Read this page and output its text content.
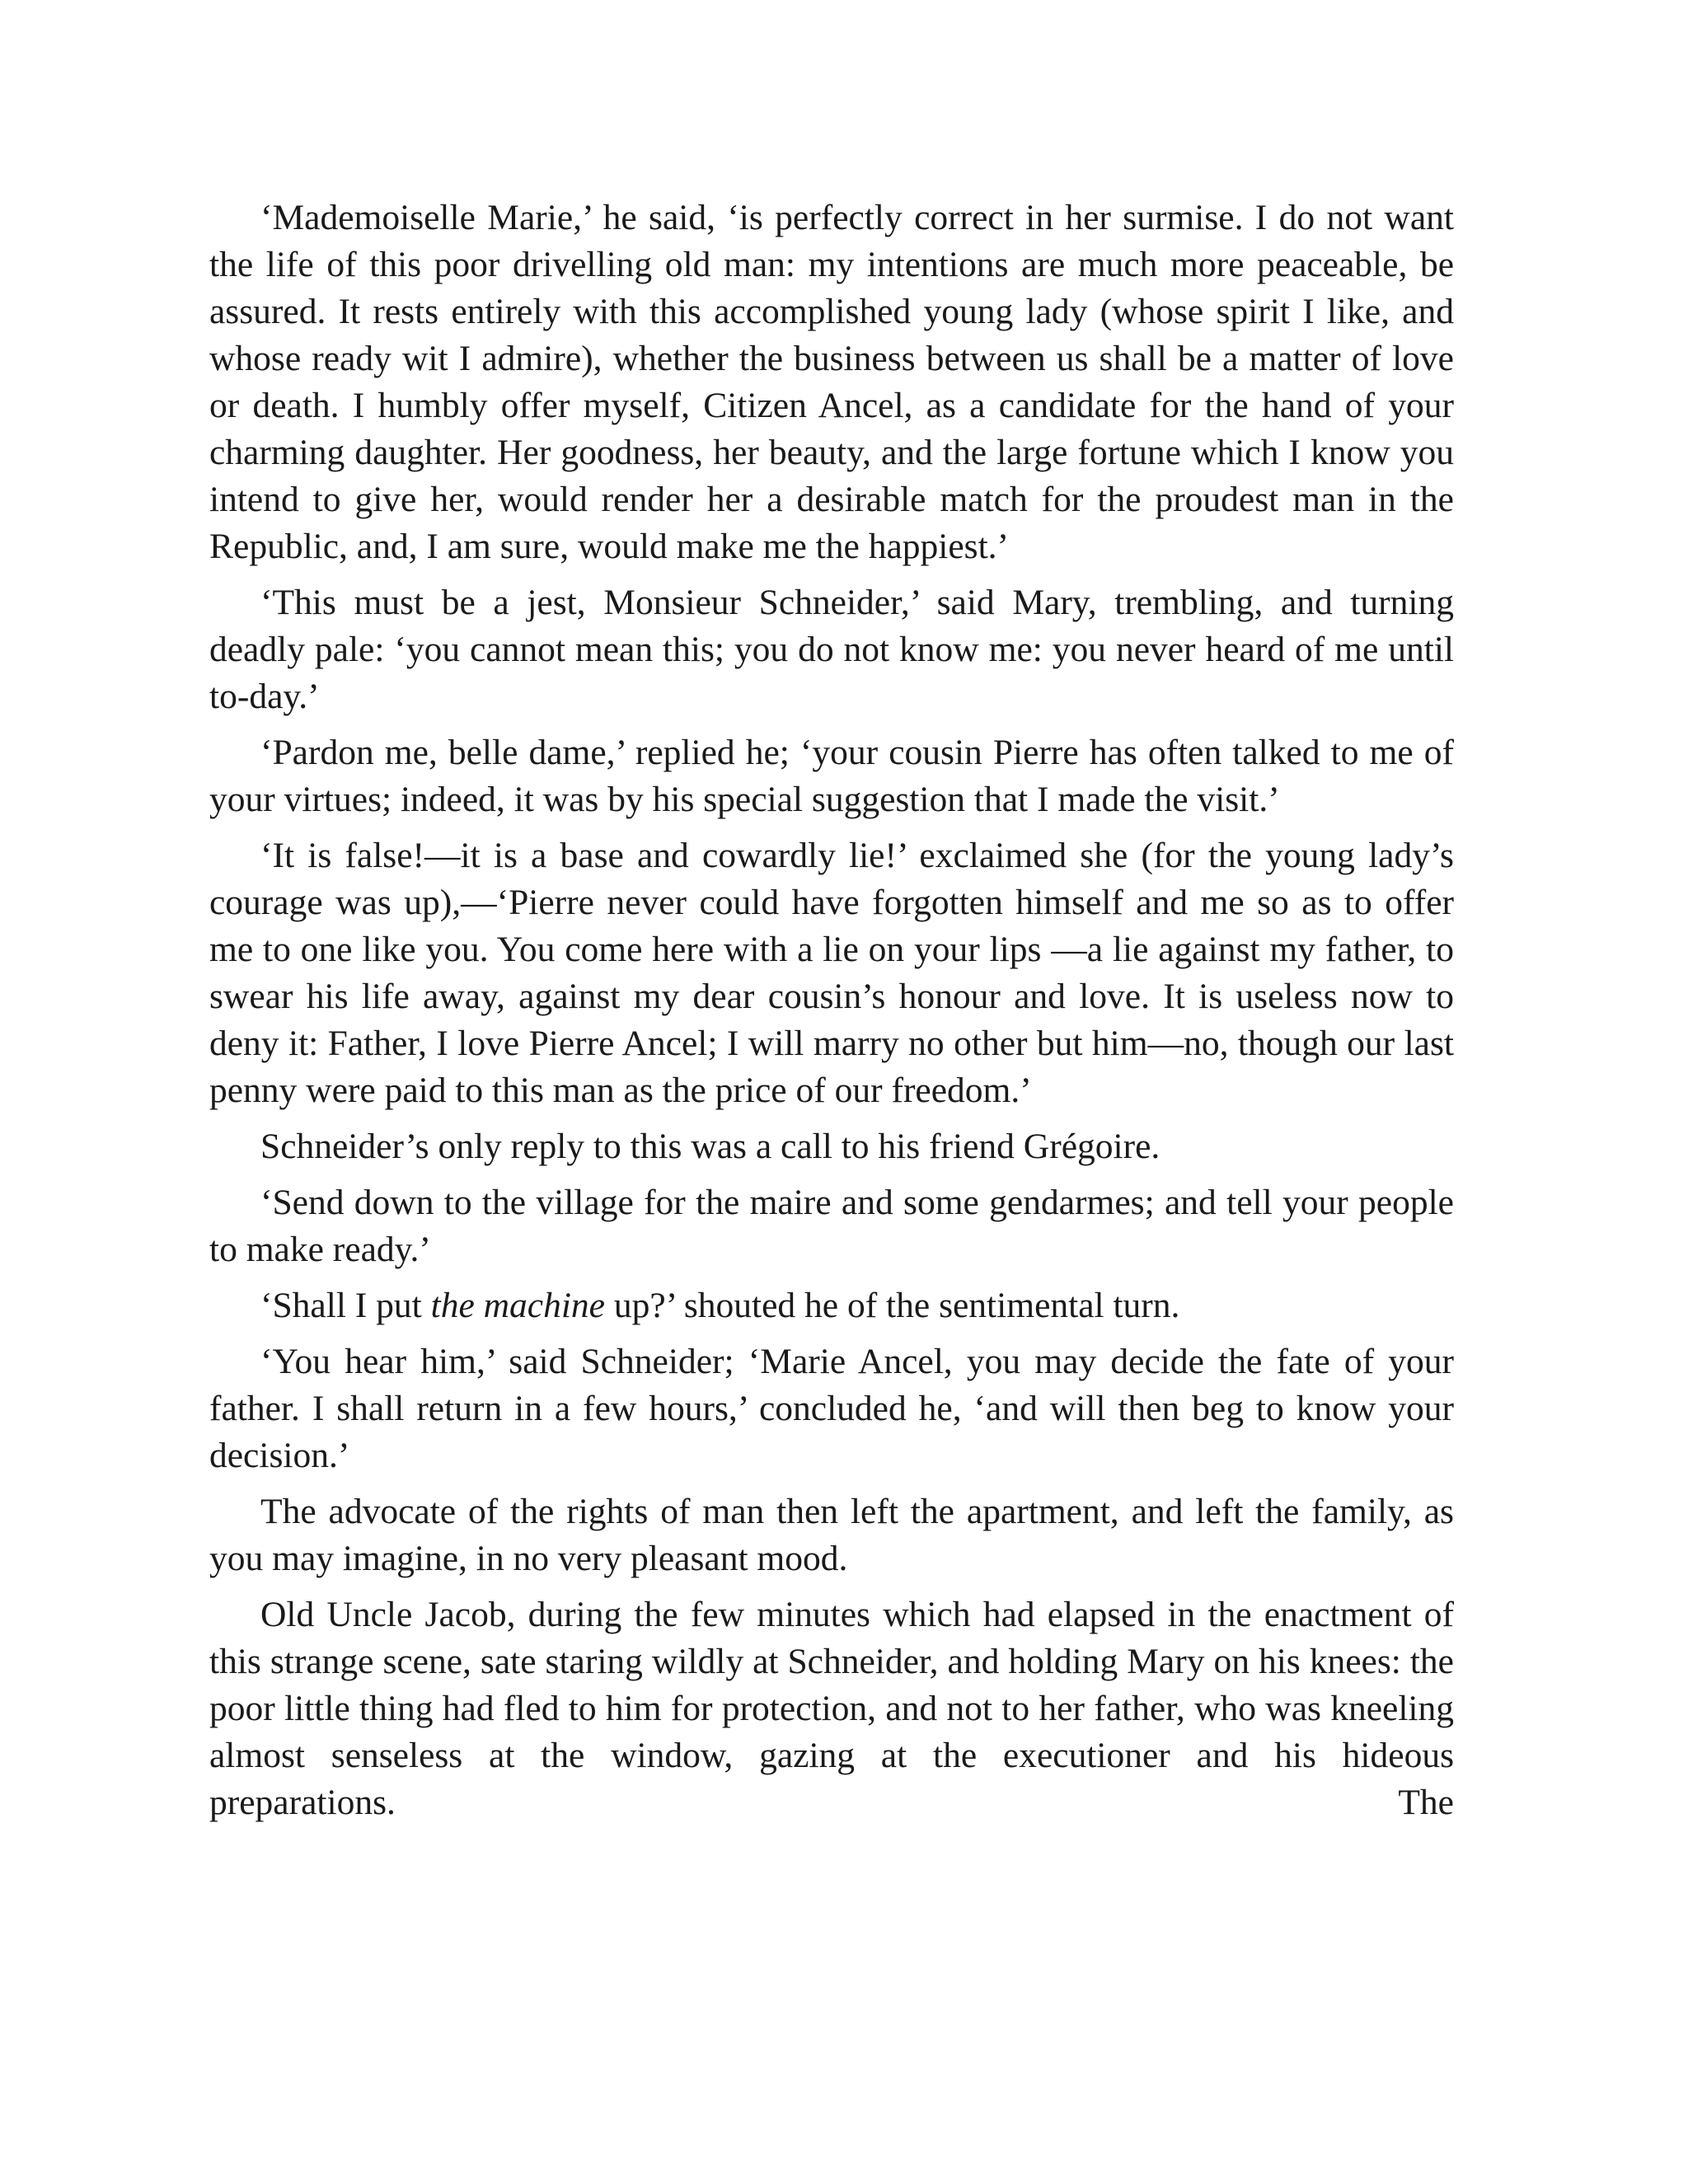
‘Mademoiselle Marie,’ he said, ‘is perfectly correct in her surmise. I do not want the life of this poor drivelling old man: my intentions are much more peaceable, be assured. It rests entirely with this accomplished young lady (whose spirit I like, and whose ready wit I admire), whether the business between us shall be a matter of love or death. I humbly offer myself, Citizen Ancel, as a candidate for the hand of your charming daughter. Her goodness, her beauty, and the large fortune which I know you intend to give her, would render her a desirable match for the proudest man in the Republic, and, I am sure, would make me the happiest.’

‘This must be a jest, Monsieur Schneider,’ said Mary, trembling, and turning deadly pale: ‘you cannot mean this; you do not know me: you never heard of me until to-day.’

‘Pardon me, belle dame,’ replied he; ‘your cousin Pierre has often talked to me of your virtues; indeed, it was by his special suggestion that I made the visit.’

‘It is false!—it is a base and cowardly lie!’ exclaimed she (for the young lady’s courage was up),—‘Pierre never could have forgotten himself and me so as to offer me to one like you. You come here with a lie on your lips —a lie against my father, to swear his life away, against my dear cousin’s honour and love. It is useless now to deny it: Father, I love Pierre Ancel; I will marry no other but him—no, though our last penny were paid to this man as the price of our freedom.’

Schneider’s only reply to this was a call to his friend Grégoire.

‘Send down to the village for the maire and some gendarmes; and tell your people to make ready.’

‘Shall I put the machine up?’ shouted he of the sentimental turn.

‘You hear him,’ said Schneider; ‘Marie Ancel, you may decide the fate of your father. I shall return in a few hours,’ concluded he, ‘and will then beg to know your decision.’

The advocate of the rights of man then left the apartment, and left the family, as you may imagine, in no very pleasant mood.

Old Uncle Jacob, during the few minutes which had elapsed in the enactment of this strange scene, sate staring wildly at Schneider, and holding Mary on his knees: the poor little thing had fled to him for protection, and not to her father, who was kneeling almost senseless at the window, gazing at the executioner and his hideous preparations. The
